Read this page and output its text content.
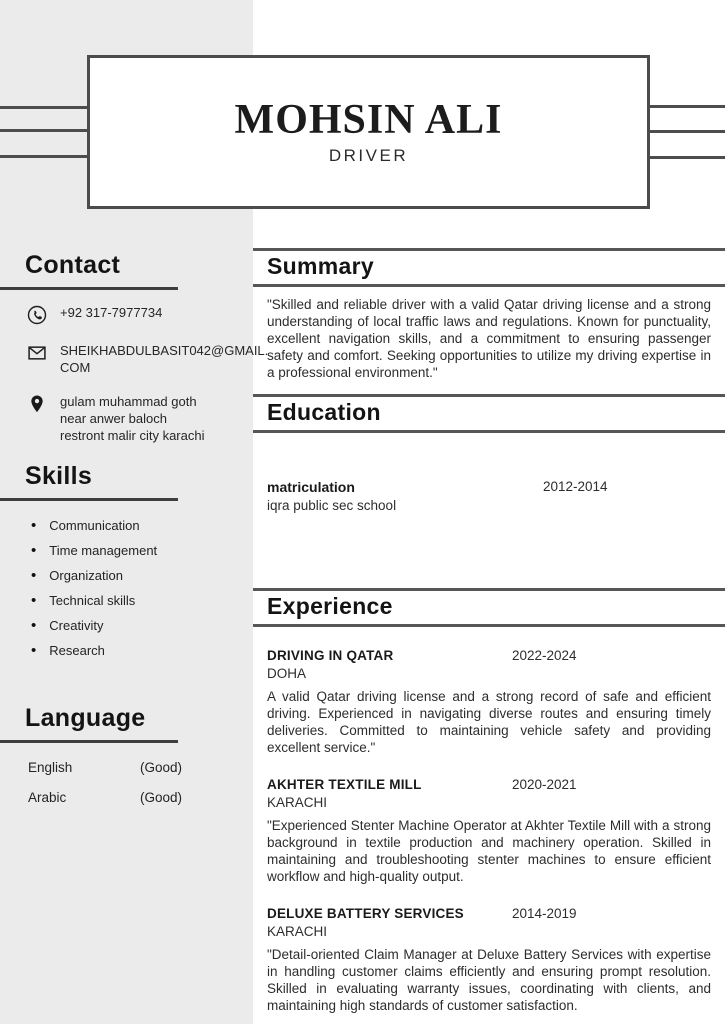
MOHSIN ALI
DRIVER
Contact
+92 317-7977734
SHEIKHABDULBASIT042@GMAIL.
COM
gulam muhammad goth
near anwer baloch
restront malir city karachi
Skills
• Communication
• Time management
• Organization
• Technical skills
• Creativity
• Research
Language
English	(Good)
Arabic	(Good)
Summary

"Skilled and reliable driver with a valid Qatar driving license and a strong understanding of local traffic laws and regulations. Known for punctuality, excellent navigation skills, and a commitment to ensuring passenger safety and comfort. Seeking opportunities to utilize my driving expertise in a professional environment."

Education
matriculation	2012-2014
iqra public sec school
Experience
DRIVING IN QATAR	2022-2024
DOHA

A valid Qatar driving license and a strong record of safe and efficient driving. Experienced in navigating diverse routes and ensuring timely deliveries. Committed to maintaining vehicle safety and providing excellent service."

AKHTER TEXTILE MILL	2020-2021
KARACHI

"Experienced Stenter Machine Operator at Akhter Textile Mill with a strong background in textile production and machinery operation. Skilled in maintaining and troubleshooting stenter machines to ensure efficient workflow and high-quality output.

DELUXE BATTERY SERVICES	2014-2019
KARACHI

"Detail-oriented Claim Manager at Deluxe Battery Services with expertise in handling customer claims efficiently and ensuring prompt resolution. Skilled in evaluating warranty issues, coordinating with clients, and maintaining high standards of customer satisfaction.
